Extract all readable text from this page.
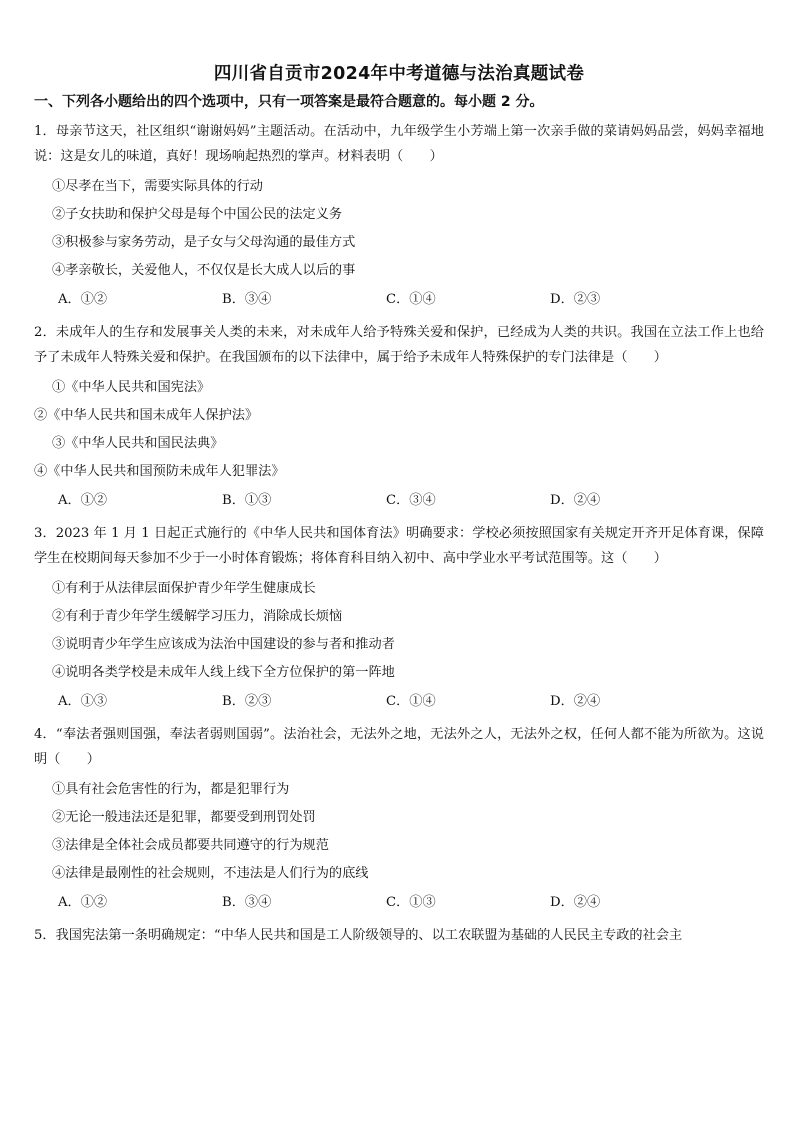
四川省自贡市2024年中考道德与法治真题试卷

一、下列各小题给出的四个选项中，只有一项答案是最符合题意的。每小题 2 分。

1．母亲节这天，社区组织“谢谢妈妈”主题活动。在活动中，九年级学生小芳端上第一次亲手做的菜请妈妈品尝，妈妈幸福地说：这是女儿的味道，真好！现场响起热烈的掌声。材料表明（　　）

①尽孝在当下，需要实际具体的行动

②子女扶助和保护父母是每个中国公民的法定义务

③积极参与家务劳动，是子女与父母沟通的最佳方式

④孝亲敬长，关爱他人，不仅仅是长大成人以后的事

A．①②	B．③④	C．①④	D．②③

2．未成年人的生存和发展事关人类的未来，对未成年人给予特殊关爱和保护，已经成为人类的共识。我国在立法工作上也给予了未成年人特殊关爱和保护。在我国颁布的以下法律中，属于给予未成年人特殊保护的专门法律是（　　）

①《中华人民共和国宪法》

②《中华人民共和国未成年人保护法》

③《中华人民共和国民法典》

④《中华人民共和国预防未成年人犯罪法》

A．①②	B．①③	C．③④	D．②④

3．2023 年 1 月 1 日起正式施行的《中华人民共和国体育法》明确要求：学校必须按照国家有关规定开齐开足体育课，保障学生在校期间每天参加不少于一小时体育锻炼；将体育科目纳入初中、高中学业水平考试范围等。这（　　）

①有利于从法律层面保护青少年学生健康成长

②有利于青少年学生缓解学习压力，消除成长烦恼

③说明青少年学生应该成为法治中国建设的参与者和推动者

④说明各类学校是未成年人线上线下全方位保护的第一阵地

A．①③	B．②③	C．①④	D．②④

4．“奉法者强则国强，奉法者弱则国弱”。法治社会，无法外之地，无法外之人，无法外之权，任何人都不能为所欲为。这说明（　　）

①具有社会危害性的行为，都是犯罪行为

②无论一般违法还是犯罪，都要受到刑罚处罚

③法律是全体社会成员都要共同遵守的行为规范

④法律是最刚性的社会规则，不违法是人们行为的底线

A．①②	B．③④	C．①③	D．②④

5．我国宪法第一条明确规定：“中华人民共和国是工人阶级领导的、以工农联盟为基础的人民民主专政的社会主
